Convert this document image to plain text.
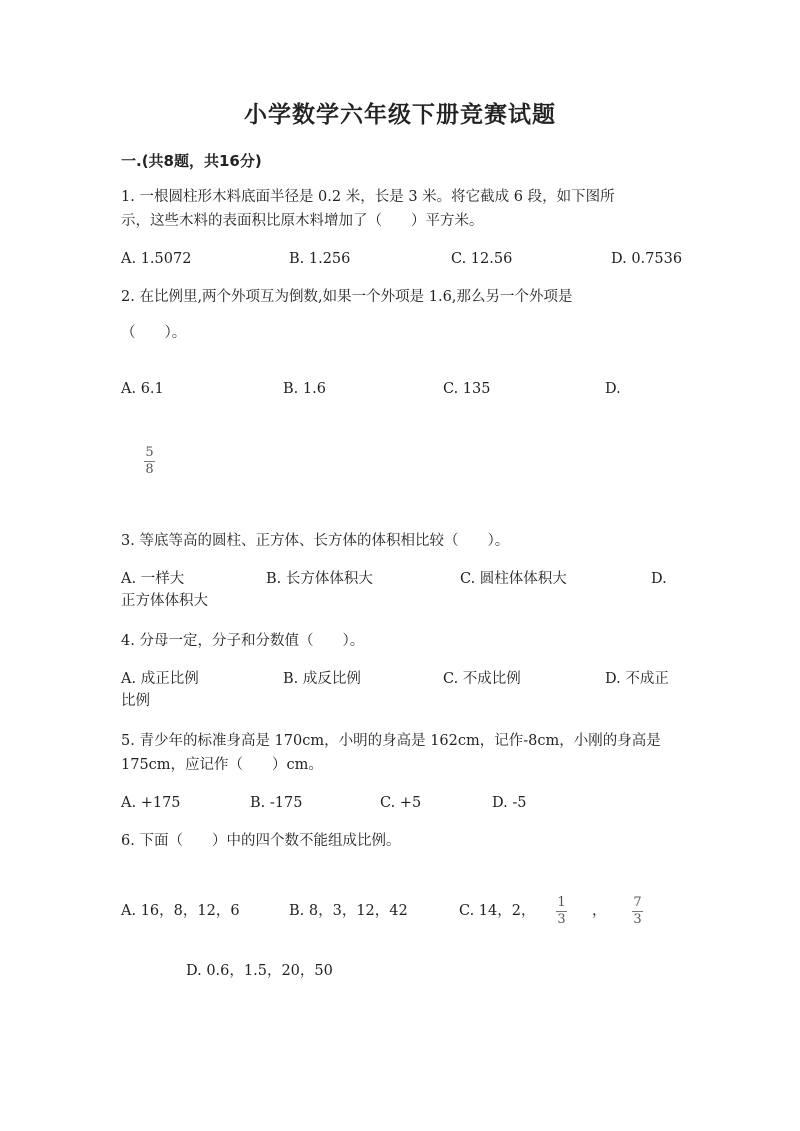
小学数学六年级下册竞赛试题
一.(共8题，共16分)
1. 一根圆柱形木料底面半径是 0.2 米，长是 3 米。将它截成 6 段，如下图所
示，这些木料的表面积比原木料增加了（　　）平方米。
A. 1.5072	B. 1.256	C. 12.56	D. 0.7536
2. 在比例里,两个外项互为倒数,如果一个外项是 1.6,那么另一个外项是
（　　）。
A. 6.1	B. 1.6	C. 135	D.
5
8
3. 等底等高的圆柱、正方体、长方体的体积相比较（　　）。
A. 一样大	B. 长方体体积大	C. 圆柱体体积大	D.
正方体体积大
4. 分母一定，分子和分数值（　　）。
A. 成正比例	B. 成反比例	C. 不成比例	D. 不成正
比例
5. 青少年的标准身高是 170cm，小明的身高是 162cm，记作-8cm，小刚的身高是
175cm，应记作（　　）cm。
A. +175	B. -175	C. +5	D. -5
6. 下面（　　）中的四个数不能组成比例。
A. 16，8，12，6	B. 8，3，12，42	C. 14，2，
1
3
，
7
3
D. 0.6，1.5，20，50
